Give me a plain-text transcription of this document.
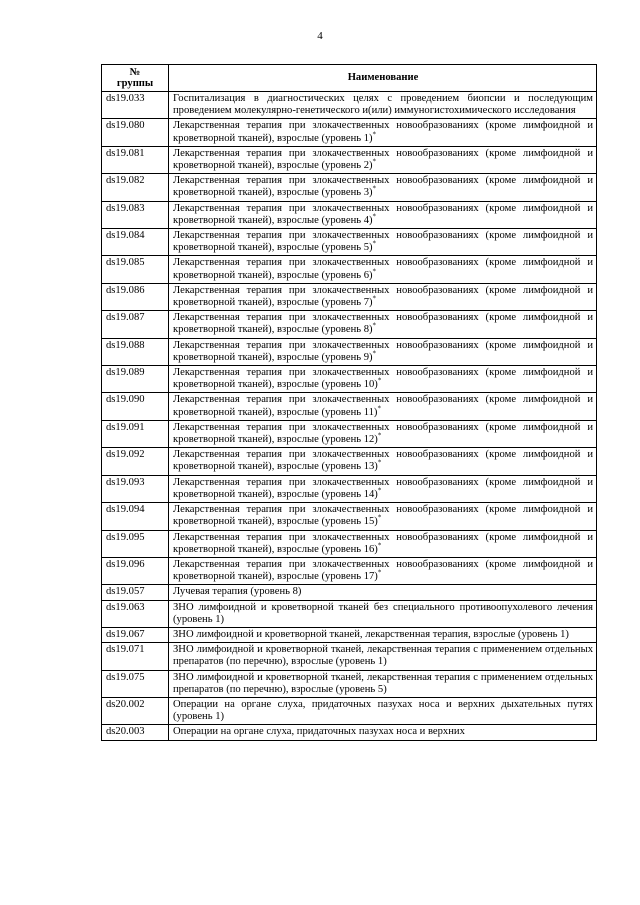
4
№
группы	Наименование
ds19.033	Госпитализация в диагностических целях с проведением биопсии и последующим проведением молекулярно-генетического и(или) иммуногистохимического исследования
ds19.080	Лекарственная терапия при злокачественных новообразованиях (кроме лимфоидной и кроветворной тканей), взрослые (уровень 1)*
ds19.081	Лекарственная терапия при злокачественных новообразованиях (кроме лимфоидной и кроветворной тканей), взрослые (уровень 2)*
ds19.082	Лекарственная терапия при злокачественных новообразованиях (кроме лимфоидной и кроветворной тканей), взрослые (уровень 3)*
ds19.083	Лекарственная терапия при злокачественных новообразованиях (кроме лимфоидной и кроветворной тканей), взрослые (уровень 4)*
ds19.084	Лекарственная терапия при злокачественных новообразованиях (кроме лимфоидной и кроветворной тканей), взрослые (уровень 5)*
ds19.085	Лекарственная терапия при злокачественных новообразованиях (кроме лимфоидной и кроветворной тканей), взрослые (уровень 6)*
ds19.086	Лекарственная терапия при злокачественных новообразованиях (кроме лимфоидной и кроветворной тканей), взрослые (уровень 7)*
ds19.087	Лекарственная терапия при злокачественных новообразованиях (кроме лимфоидной и кроветворной тканей), взрослые (уровень 8)*
ds19.088	Лекарственная терапия при злокачественных новообразованиях (кроме лимфоидной и кроветворной тканей), взрослые (уровень 9)*
ds19.089	Лекарственная терапия при злокачественных новообразованиях (кроме лимфоидной и кроветворной тканей), взрослые (уровень 10)*
ds19.090	Лекарственная терапия при злокачественных новообразованиях (кроме лимфоидной и кроветворной тканей), взрослые (уровень 11)*
ds19.091	Лекарственная терапия при злокачественных новообразованиях (кроме лимфоидной и кроветворной тканей), взрослые (уровень 12)*
ds19.092	Лекарственная терапия при злокачественных новообразованиях (кроме лимфоидной и кроветворной тканей), взрослые (уровень 13)*
ds19.093	Лекарственная терапия при злокачественных новообразованиях (кроме лимфоидной и кроветворной тканей), взрослые (уровень 14)*
ds19.094	Лекарственная терапия при злокачественных новообразованиях (кроме лимфоидной и кроветворной тканей), взрослые (уровень 15)*
ds19.095	Лекарственная терапия при злокачественных новообразованиях (кроме лимфоидной и кроветворной тканей), взрослые (уровень 16)*
ds19.096	Лекарственная терапия при злокачественных новообразованиях (кроме лимфоидной и кроветворной тканей), взрослые (уровень 17)*
ds19.057	Лучевая терапия (уровень 8)
ds19.063	ЗНО лимфоидной и кроветворной тканей без специального противоопухолевого лечения (уровень 1)
ds19.067	ЗНО лимфоидной и кроветворной тканей, лекарственная терапия, взрослые (уровень 1)
ds19.071	ЗНО лимфоидной и кроветворной тканей, лекарственная терапия с применением отдельных препаратов (по перечню), взрослые (уровень 1)
ds19.075	ЗНО лимфоидной и кроветворной тканей, лекарственная терапия с применением отдельных препаратов (по перечню), взрослые (уровень 5)
ds20.002	Операции на органе слуха, придаточных пазухах носа и верхних дыхательных путях (уровень 1)
ds20.003	Операции на органе слуха, придаточных пазухах носа и верхних
